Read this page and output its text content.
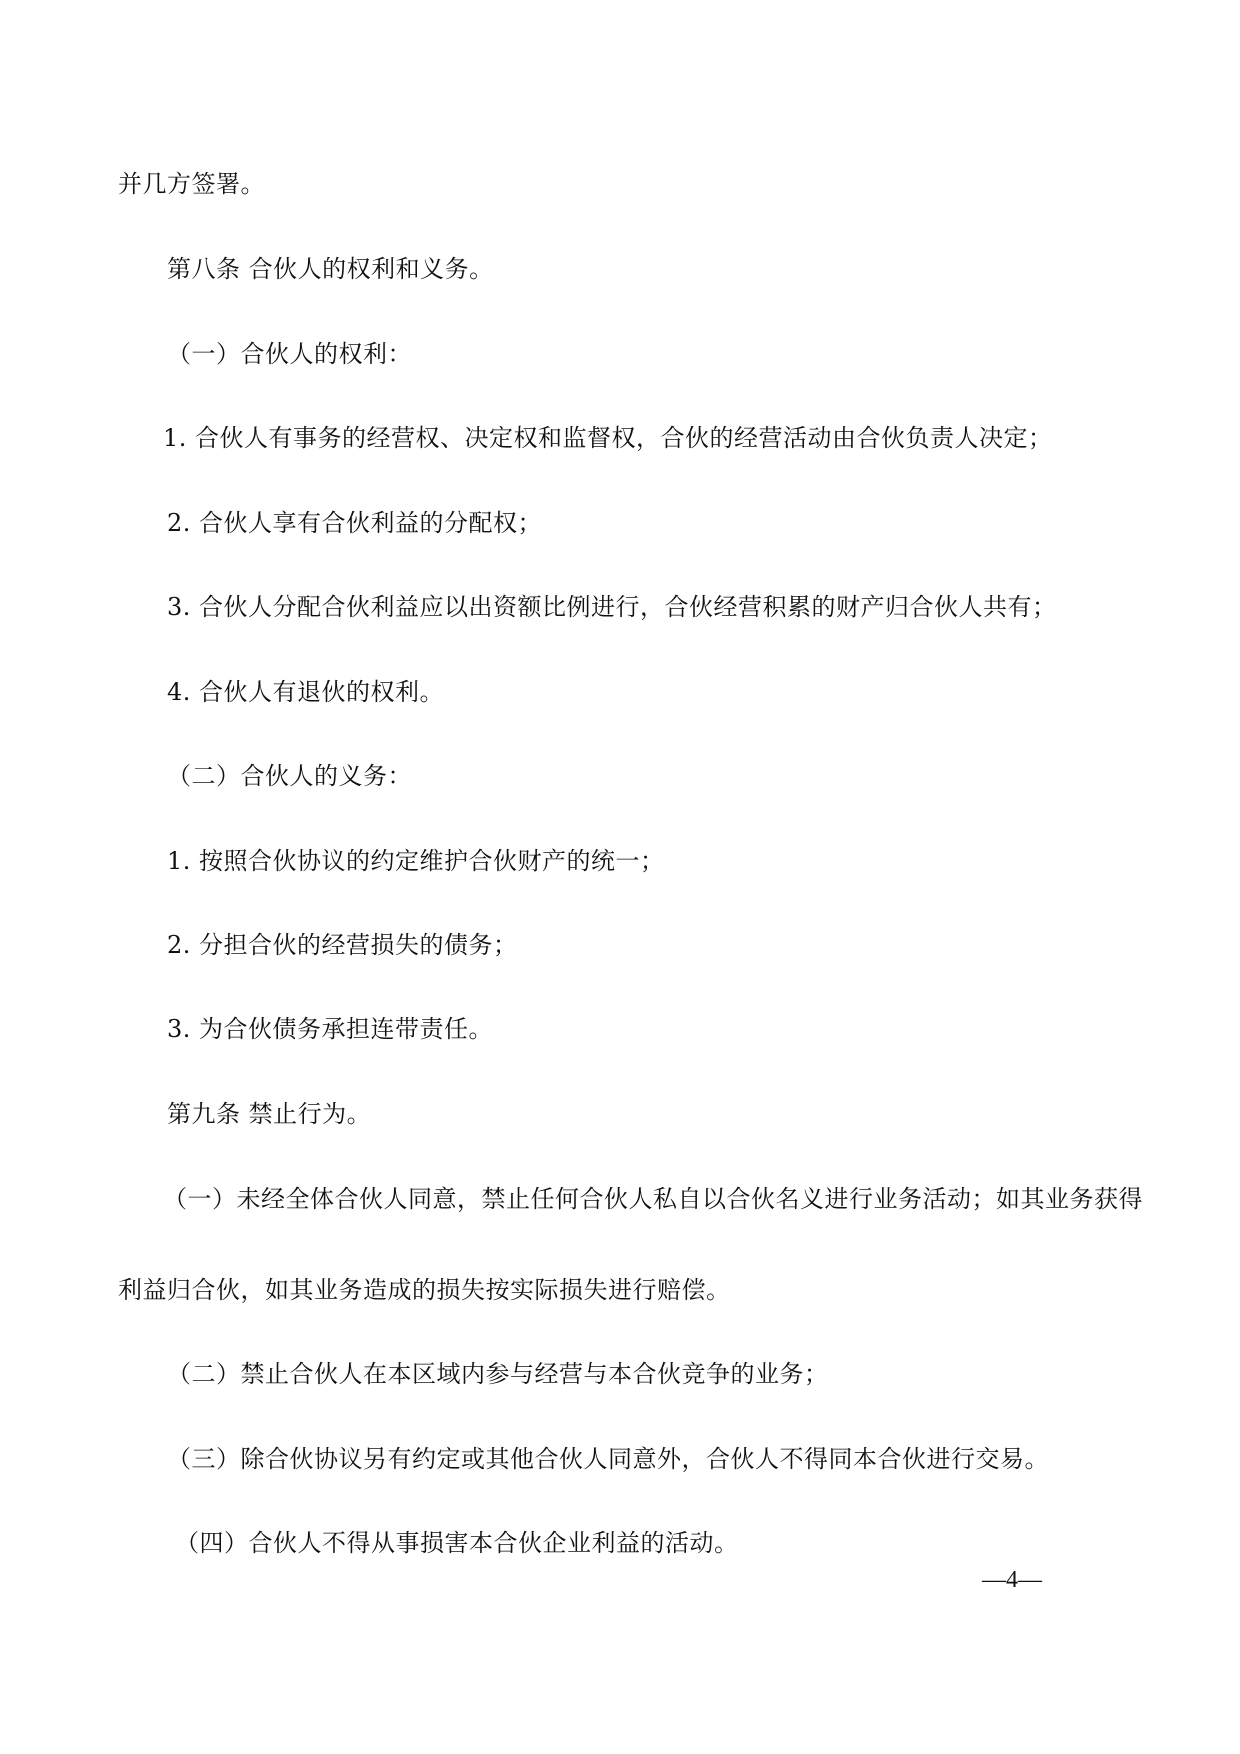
并几方签署。
第八条 合伙人的权利和义务。
（一）合伙人的权利：
1. 合伙人有事务的经营权、决定权和监督权，合伙的经营活动由合伙负责人决定；
2. 合伙人享有合伙利益的分配权；
3. 合伙人分配合伙利益应以出资额比例进行，合伙经营积累的财产归合伙人共有；
4. 合伙人有退伙的权利。
（二）合伙人的义务：
1. 按照合伙协议的约定维护合伙财产的统一；
2. 分担合伙的经营损失的债务；
3. 为合伙债务承担连带责任。
第九条 禁止行为。
（一）未经全体合伙人同意，禁止任何合伙人私自以合伙名义进行业务活动；如其业务获得
利益归合伙，如其业务造成的损失按实际损失进行赔偿。
（二）禁止合伙人在本区域内参与经营与本合伙竞争的业务；
（三）除合伙协议另有约定或其他合伙人同意外，合伙人不得同本合伙进行交易。
（四）合伙人不得从事损害本合伙企业利益的活动。
—4—
